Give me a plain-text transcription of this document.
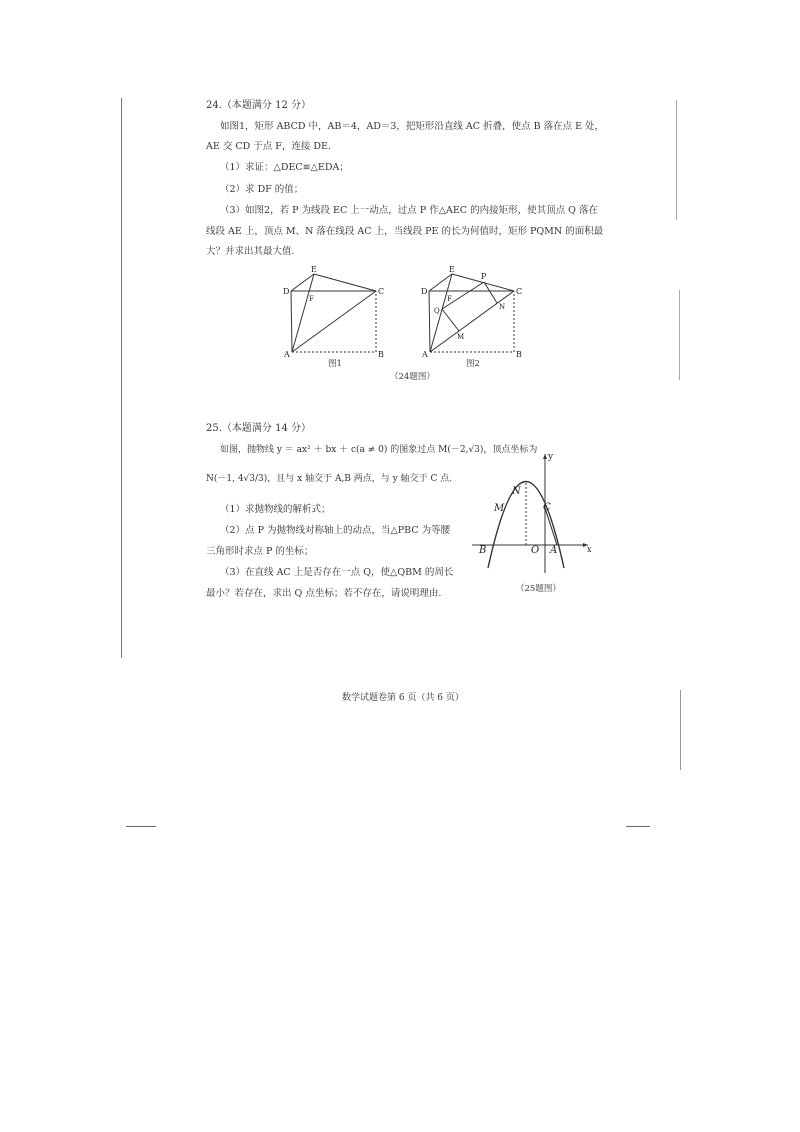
24.（本题满分 12 分）
如图1，矩形 ABCD 中，AB＝4，AD＝3，把矩形沿直线 AC 折叠，使点 B 落在点 E 处，
AE 交 CD 于点 F，连接 DE.
（1）求证：△DEC≌△EDA；
（2）求 DF 的值；
（3）如图2，若 P 为线段 EC 上一动点，过点 P 作△AEC 的内接矩形，使其顶点 Q 落在
线段 AE 上，顶点 M、N 落在线段 AC 上，当线段 PE 的长为何值时，矩形 PQMN 的面积最
大？并求出其最大值.
E
D
F
C
A	B
图1
E
P
D
F
C
Q	N
M
A	B
图2
（24题图）
25.（本题满分 14 分）
如图，抛物线 y ＝ ax² ＋ bx ＋ c(a ≠ 0) 的图象过点 M(－2,√3)，顶点坐标为
N(－1, 4√3/3)，且与 x 轴交于 A,B 两点，与 y 轴交于 C 点.
（1）求抛物线的解析式；
（2）点 P 为抛物线对称轴上的动点，当△PBC 为等腰
三角形时求点 P 的坐标；
（3）在直线 AC 上是否存在一点 Q，使△QBM 的周长
最小？若存在，求出 Q 点坐标；若不存在，请说明理由.
y
N
M	C
B	O A	x
（25题图）
数学试题卷第 6 页（共 6 页）
